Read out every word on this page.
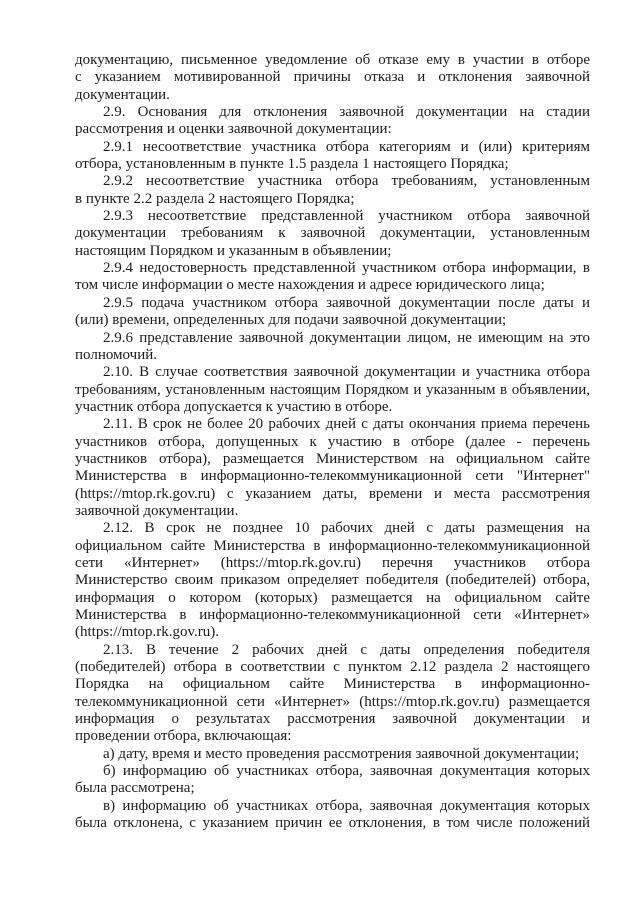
документацию, письменное уведомление об отказе ему в участии в отборе
с указанием мотивированной причины отказа и отклонения заявочной
документации.
2.9. Основания для отклонения заявочной документации на стадии
рассмотрения и оценки заявочной документации:
2.9.1 несоответствие участника отбора категориям и (или) критериям
отбора, установленным в пункте 1.5 раздела 1 настоящего Порядка;
2.9.2 несоответствие участника отбора требованиям, установленным
в пункте 2.2 раздела 2 настоящего Порядка;
2.9.3 несоответствие представленной участником отбора заявочной
документации требованиям к заявочной документации, установленным
настоящим Порядком и указанным в объявлении;
2.9.4 недостоверность представленной участником отбора информации, в
том числе информации о месте нахождения и адресе юридического лица;
2.9.5 подача участником отбора заявочной документации после даты и
(или) времени, определенных для подачи заявочной документации;
2.9.6 представление заявочной документации лицом, не имеющим на это
полномочий.
2.10. В случае соответствия заявочной документации и участника отбора
требованиям, установленным настоящим Порядком и указанным в объявлении,
участник отбора допускается к участию в отборе.
2.11. В срок не более 20 рабочих дней с даты окончания приема перечень
участников отбора, допущенных к участию в отборе (далее - перечень
участников отбора), размещается Министерством на официальном сайте
Министерства в информационно-телекоммуникационной сети "Интернет"
(https://mtop.rk.gov.ru) с указанием даты, времени и места рассмотрения
заявочной документации.
2.12. В срок не позднее 10 рабочих дней с даты размещения на
официальном сайте Министерства в информационно-телекоммуникационной
сети «Интернет» (https://mtop.rk.gov.ru) перечня участников отбора
Министерство своим приказом определяет победителя (победителей) отбора,
информация о котором (которых) размещается на официальном сайте
Министерства в информационно-телекоммуникационной сети «Интернет»
(https://mtop.rk.gov.ru).
2.13. В течение 2 рабочих дней с даты определения победителя
(победителей) отбора в соответствии с пунктом 2.12 раздела 2 настоящего
Порядка на официальном сайте Министерства в информационно-
телекоммуникационной сети «Интернет» (https://mtop.rk.gov.ru) размещается
информация о результатах рассмотрения заявочной документации и
проведении отбора, включающая:
а) дату, время и место проведения рассмотрения заявочной документации;
б) информацию об участниках отбора, заявочная документация которых
была рассмотрена;
в) информацию об участниках отбора, заявочная документация которых
была отклонена, с указанием причин ее отклонения, в том числе положений
